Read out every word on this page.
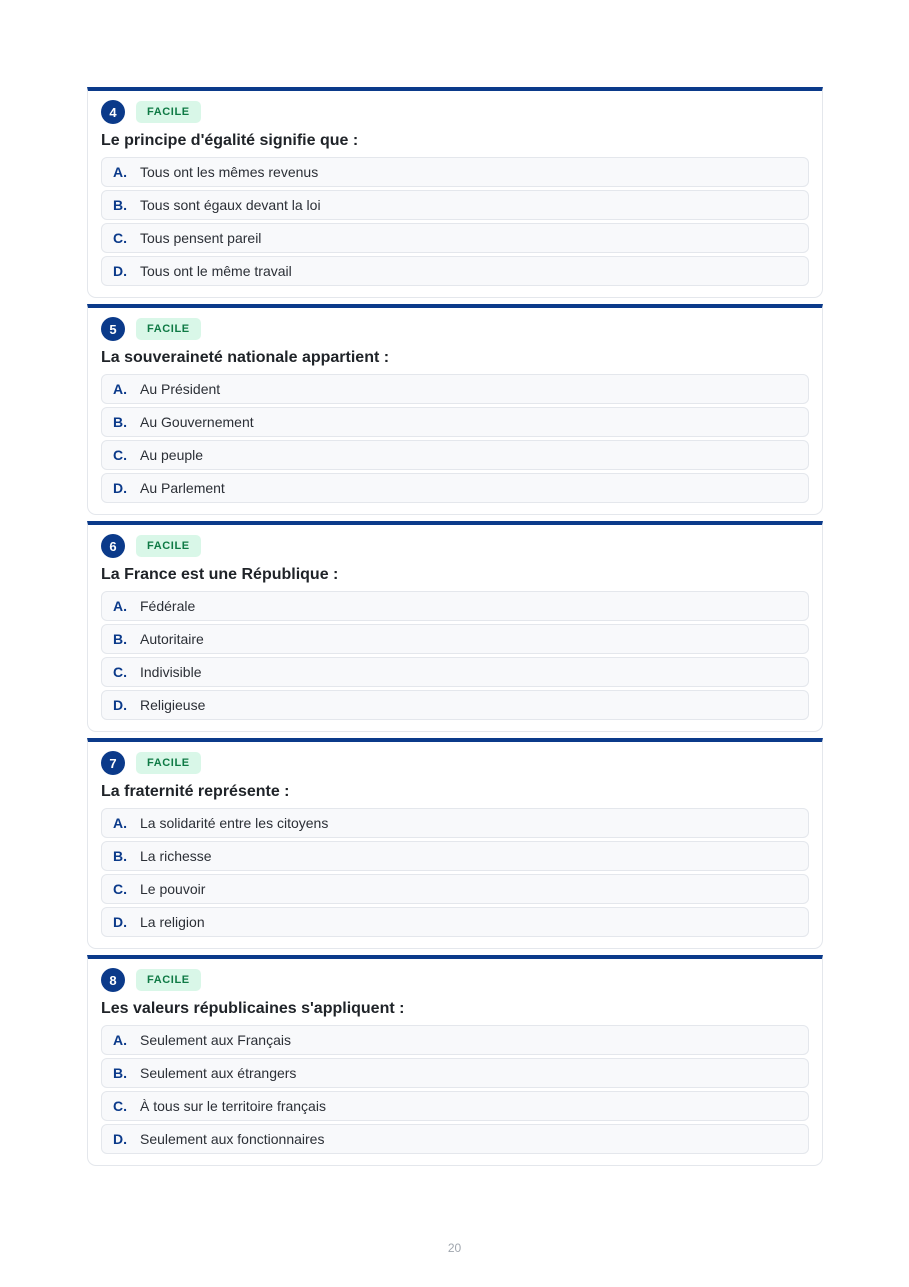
4	FACILE
Le principe d'égalité signifie que :
A. Tous ont les mêmes revenus
B. Tous sont égaux devant la loi
C. Tous pensent pareil
D. Tous ont le même travail
5	FACILE
La souveraineté nationale appartient :
A. Au Président
B. Au Gouvernement
C. Au peuple
D. Au Parlement
6	FACILE
La France est une République :
A. Fédérale
B. Autoritaire
C. Indivisible
D. Religieuse
7	FACILE
La fraternité représente :
A. La solidarité entre les citoyens
B. La richesse
C. Le pouvoir
D. La religion
8	FACILE
Les valeurs républicaines s'appliquent :
A. Seulement aux Français
B. Seulement aux étrangers
C. À tous sur le territoire français
D. Seulement aux fonctionnaires
20
